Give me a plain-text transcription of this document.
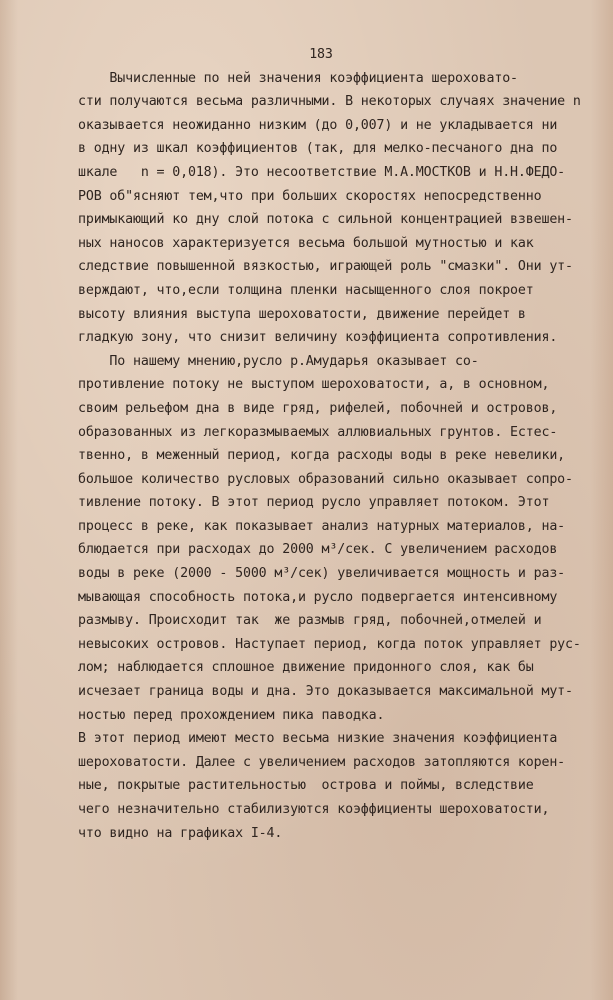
183
Вычисленные по ней значения коэффициента шероховато-
сти получаются весьма различными. В некоторых случаях значение n
оказывается неожиданно низким (до 0,007) и не укладывается ни
в одну из шкал коэффициентов (так, для мелко-песчаного дна по
шкале   n = 0,018). Это несоответствие М.А.МОСТКОВ и Н.Н.ФЕДО-
РОВ об"ясняют тем,что при больших скоростях непосредственно
примыкающий ко дну слой потока с сильной концентрацией взвешен-
ных наносов характеризуется весьма большой мутностью и как
следствие повышенной вязкостью, играющей роль "смазки". Они ут-
верждают, что,если толщина пленки насыщенного слоя покроет
высоту влияния выступа шероховатости, движение перейдет в
гладкую зону, что снизит величину коэффициента сопротивления.
По нашему мнению,русло р.Амударья оказывает со-
противление потоку не выступом шероховатости, а, в основном,
своим рельефом дна в виде гряд, рифелей, побочней и островов,
образованных из легкоразмываемых аллювиальных грунтов. Естес-
твенно, в меженный период, когда расходы воды в реке невелики,
большое количество русловых образований сильно оказывает сопро-
тивление потоку. В этот период русло управляет потоком. Этот
процесс в реке, как показывает анализ натурных материалов, на-
блюдается при расходах до 2000 м³/сек. С увеличением расходов
воды в реке (2000 - 5000 м³/сек) увеличивается мощность и раз-
мывающая способность потока,и русло подвергается интенсивному
размыву. Происходит так  же размыв гряд, побочней,отмелей и
невысоких островов. Наступает период, когда поток управляет рус-
лом; наблюдается сплошное движение придонного слоя, как бы
исчезает граница воды и дна. Это доказывается максимальной мут-
ностью перед прохождением пика паводка.
В этот период имеют место весьма низкие значения коэффициента
шероховатости. Далее с увеличением расходов затопляются корен-
ные, покрытые растительностью  острова и поймы, вследствие
чего незначительно стабилизуются коэффициенты шероховатости,
что видно на графиках I-4.
